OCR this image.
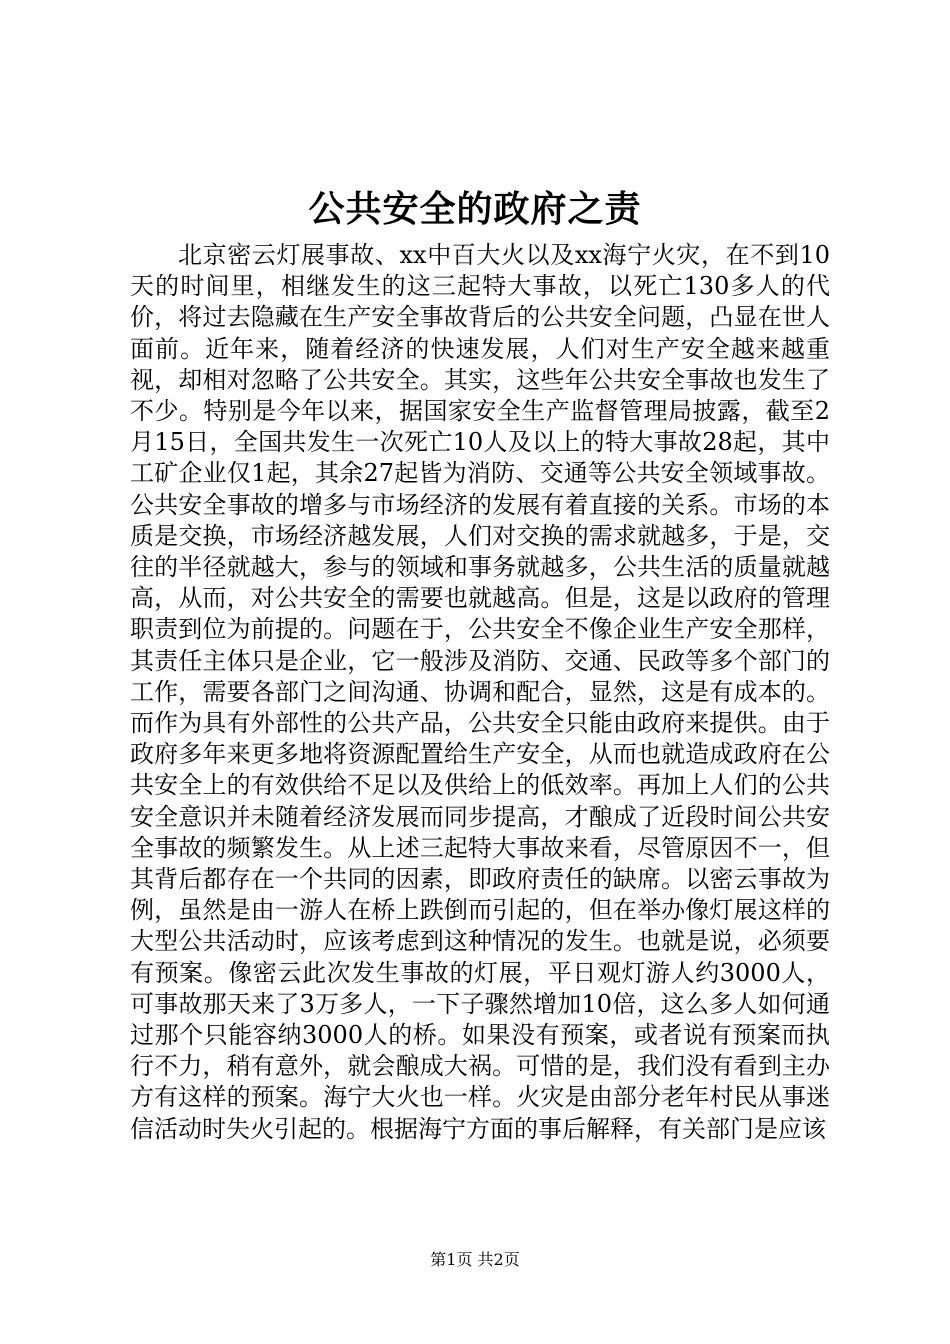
公共安全的政府之责

北京密云灯展事故、xx中百大火以及xx海宁火灾，在不到10天的时间里，相继发生的这三起特大事故，以死亡130多人的代价，将过去隐藏在生产安全事故背后的公共安全问题，凸显在世人面前。近年来，随着经济的快速发展，人们对生产安全越来越重视，却相对忽略了公共安全。其实，这些年公共安全事故也发生了不少。特别是今年以来，据国家安全生产监督管理局披露，截至2月15日，全国共发生一次死亡10人及以上的特大事故28起，其中工矿企业仅1起，其余27起皆为消防、交通等公共安全领域事故。公共安全事故的增多与市场经济的发展有着直接的关系。市场的本质是交换，市场经济越发展，人们对交换的需求就越多，于是，交往的半径就越大，参与的领域和事务就越多，公共生活的质量就越高，从而，对公共安全的需要也就越高。但是，这是以政府的管理职责到位为前提的。问题在于，公共安全不像企业生产安全那样，其责任主体只是企业，它一般涉及消防、交通、民政等多个部门的工作，需要各部门之间沟通、协调和配合，显然，这是有成本的。而作为具有外部性的公共产品，公共安全只能由政府来提供。由于政府多年来更多地将资源配置给生产安全，从而也就造成政府在公共安全上的有效供给不足以及供给上的低效率。再加上人们的公共安全意识并未随着经济发展而同步提高，才酿成了近段时间公共安全事故的频繁发生。从上述三起特大事故来看，尽管原因不一，但其背后都存在一个共同的因素，即政府责任的缺席。以密云事故为例，虽然是由一游人在桥上跌倒而引起的，但在举办像灯展这样的大型公共活动时，应该考虑到这种情况的发生。也就是说，必须要有预案。像密云此次发生事故的灯展，平日观灯游人约3000人，可事故那天来了3万多人，一下子骤然增加10倍，这么多人如何通过那个只能容纳3000人的桥。如果没有预案，或者说有预案而执行不力，稍有意外，就会酿成大祸。可惜的是，我们没有看到主办方有这样的预案。海宁大火也一样。火灾是由部分老年村民从事迷信活动时失火引起的。根据海宁方面的事后解释，有关部门是应该

第1页 共2页
